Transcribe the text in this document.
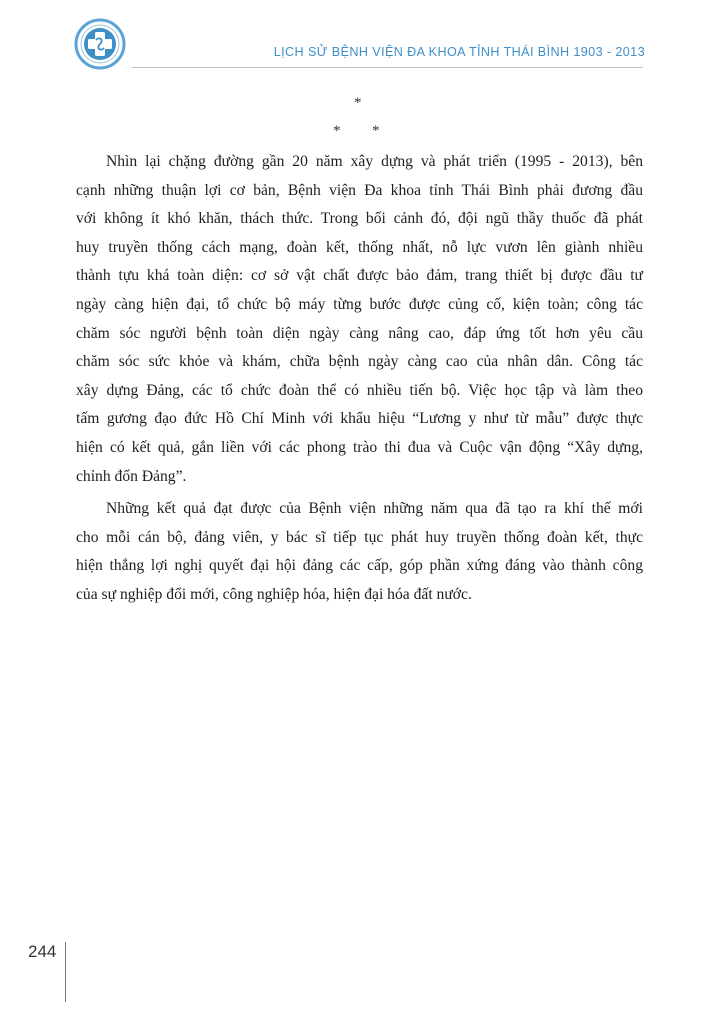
LỊCH SỬ BỆNH VIỆN ĐA KHOA TỈNH THÁI BÌNH 1903 - 2013
*
* *

Nhìn lại chặng đường gần 20 năm xây dựng và phát triển (1995 - 2013), bên
cạnh những thuận lợi cơ bản, Bệnh viện Đa khoa tỉnh Thái Bình phải đương đầu
với không ít khó khăn, thách thức. Trong bối cảnh đó, đội ngũ thầy thuốc đã phát
huy truyền thống cách mạng, đoàn kết, thống nhất, nỗ lực vươn lên giành nhiều
thành tựu khá toàn diện: cơ sở vật chất được bảo đảm, trang thiết bị được đầu tư
ngày càng hiện đại, tổ chức bộ máy từng bước được củng cố, kiện toàn; công tác
chăm sóc người bệnh toàn diện ngày càng nâng cao, đáp ứng tốt hơn yêu cầu
chăm sóc sức khỏe và khám, chữa bệnh ngày càng cao của nhân dân. Công tác
xây dựng Đảng, các tổ chức đoàn thể có nhiều tiến bộ. Việc học tập và làm theo
tấm gương đạo đức Hồ Chí Minh với khẩu hiệu “Lương y như từ mẫu” được thực
hiện có kết quả, gắn liền với các phong trào thi đua và Cuộc vận động “Xây dựng,
chỉnh đốn Đảng”.

Những kết quả đạt được của Bệnh viện những năm qua đã tạo ra khí thế mới
cho mỗi cán bộ, đảng viên, y bác sĩ tiếp tục phát huy truyền thống đoàn kết, thực
hiện thắng lợi nghị quyết đại hội đảng các cấp, góp phần xứng đáng vào thành công
của sự nghiệp đổi mới, công nghiệp hóa, hiện đại hóa đất nước.

244
